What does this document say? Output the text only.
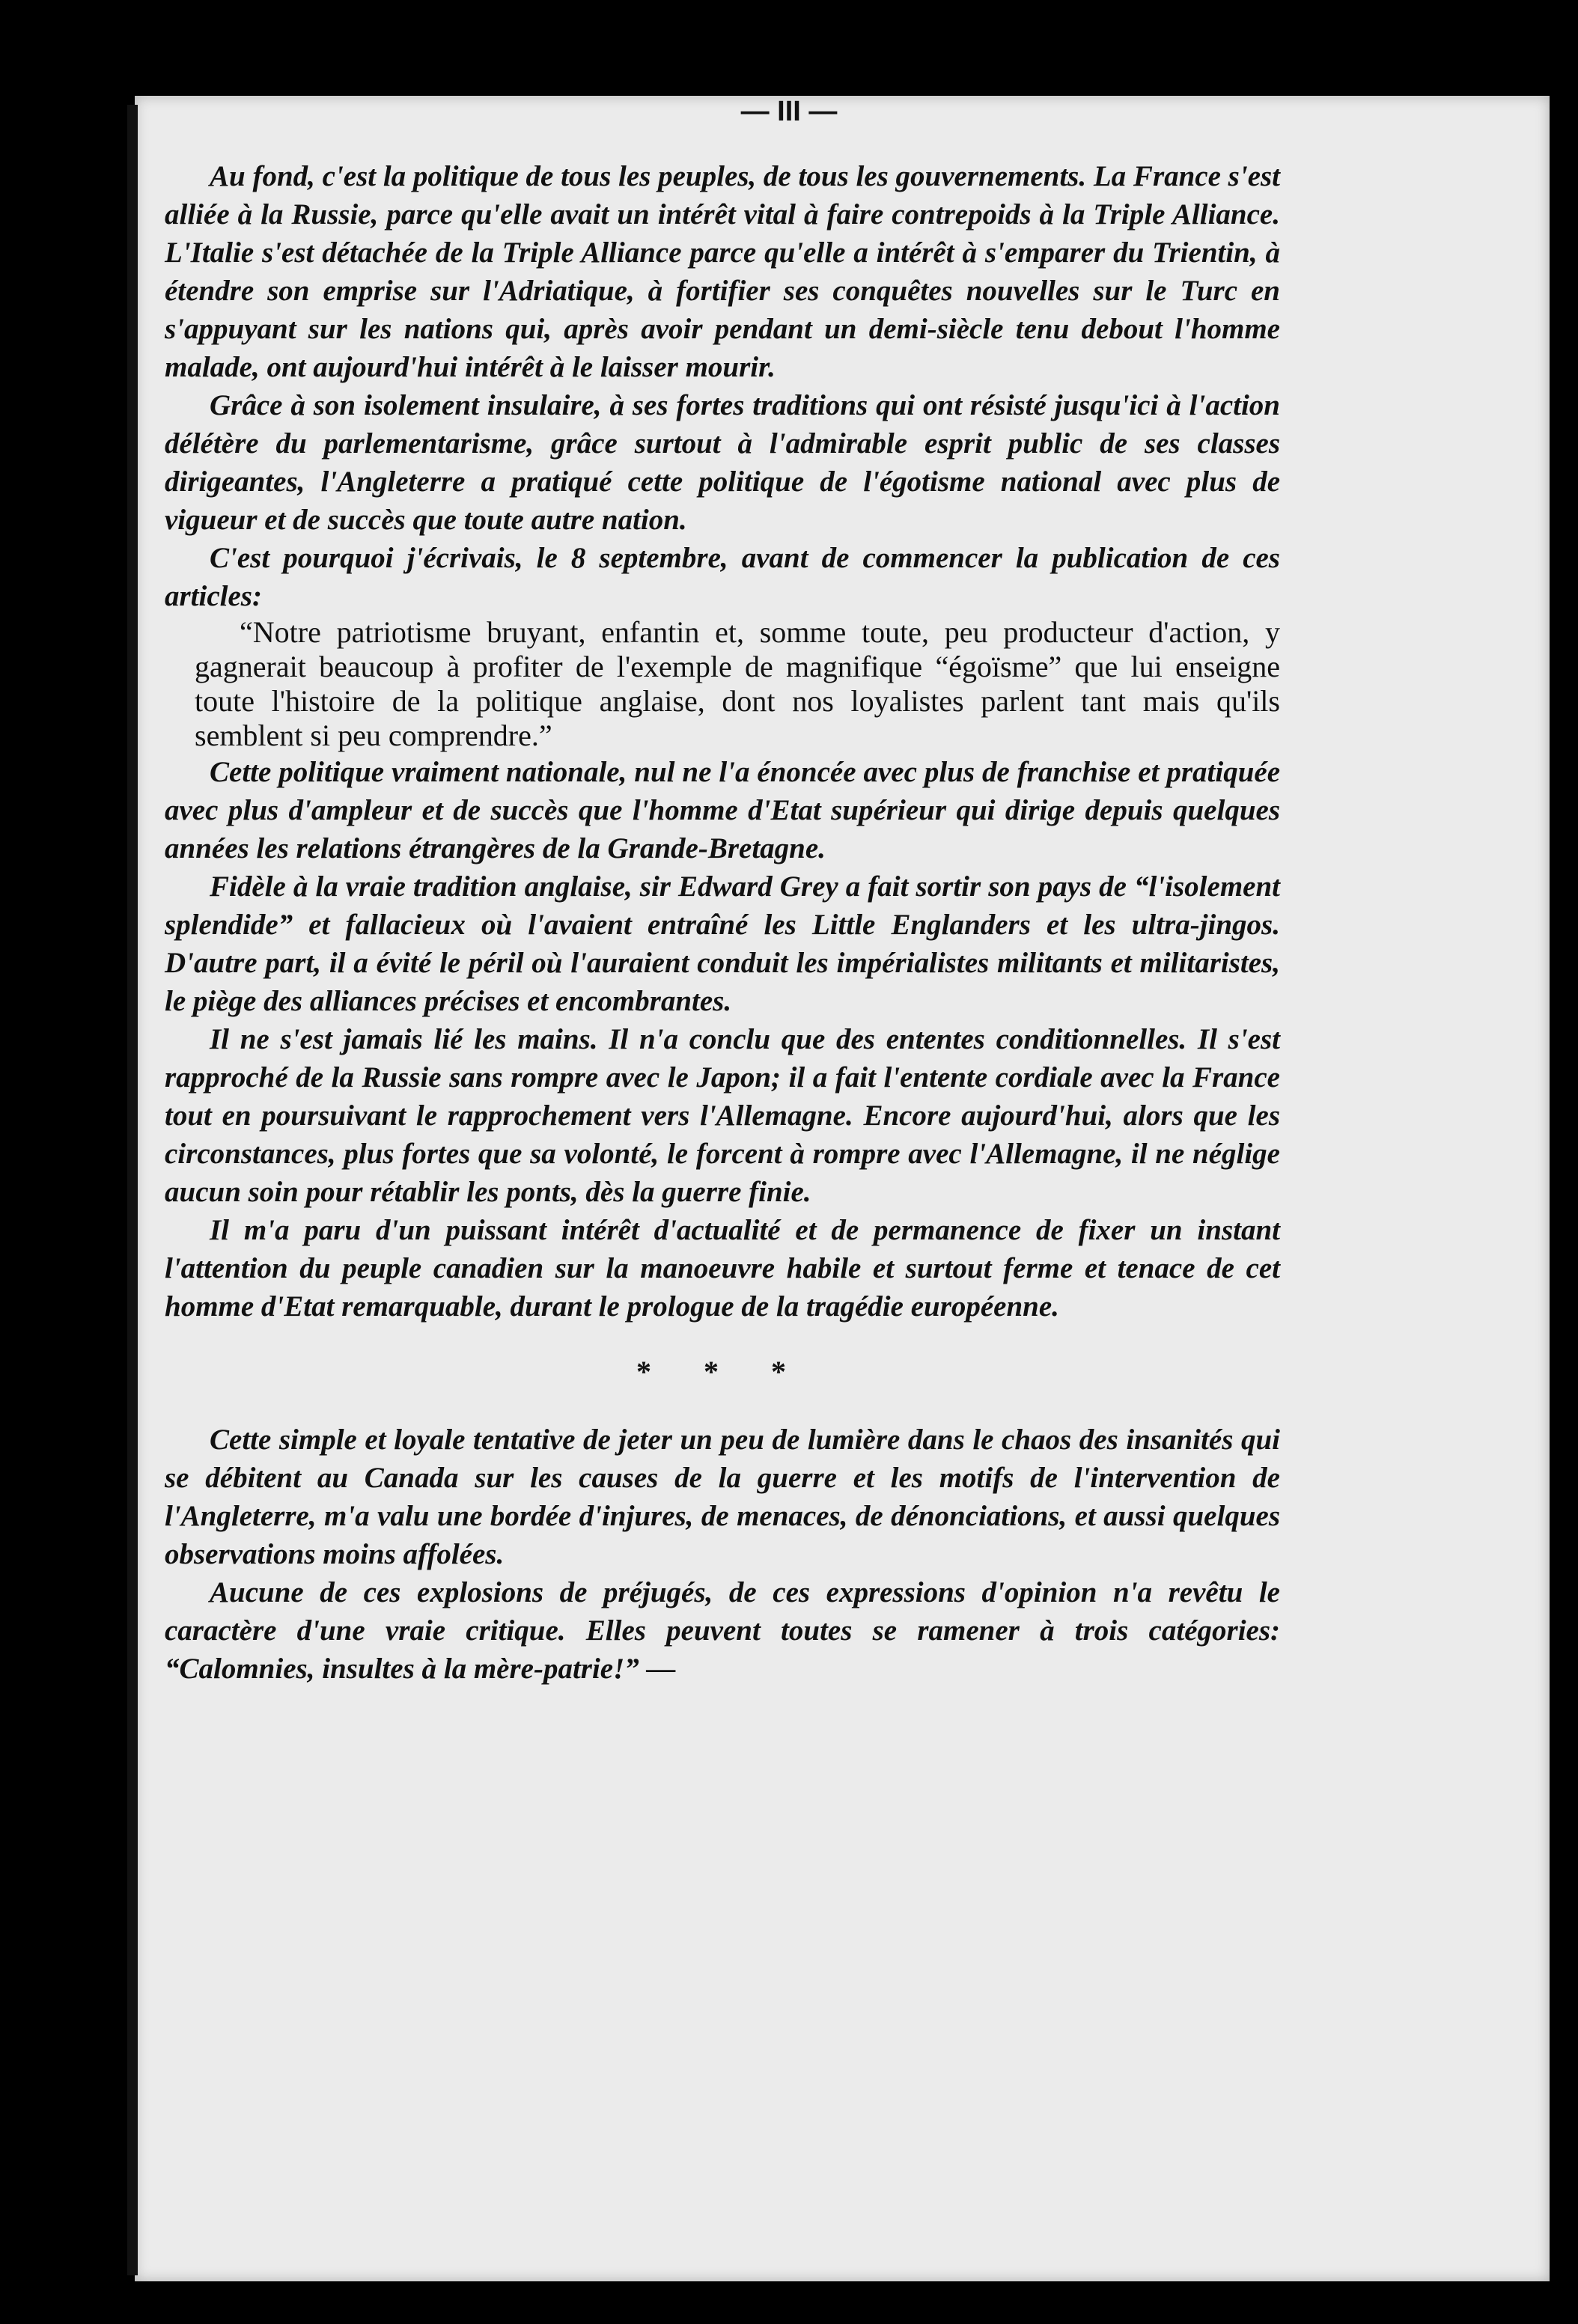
— III —

Au fond, c'est la politique de tous les peuples, de tous les gouvernements. La France s'est alliée à la Russie, parce qu'elle avait un intérêt vital à faire contrepoids à la Triple Alliance. L'Italie s'est détachée de la Triple Alliance parce qu'elle a intérêt à s'emparer du Trientin, à étendre son emprise sur l'Adriatique, à fortifier ses conquêtes nouvelles sur le Turc en s'appuyant sur les nations qui, après avoir pendant un demi-siècle tenu debout l'homme malade, ont aujourd'hui intérêt à le laisser mourir.

Grâce à son isolement insulaire, à ses fortes traditions qui ont résisté jusqu'ici à l'action délétère du parlementarisme, grâce surtout à l'admirable esprit public de ses classes dirigeantes, l'Angleterre a pratiqué cette politique de l'égotisme national avec plus de vigueur et de succès que toute autre nation.

C'est pourquoi j'écrivais, le 8 septembre, avant de commencer la publication de ces articles:

“Notre patriotisme bruyant, enfantin et, somme toute, peu producteur d'action, y gagnerait beaucoup à profiter de l'exemple de magnifique “égoïsme” que lui enseigne toute l'histoire de la politique anglaise, dont nos loyalistes parlent tant mais qu'ils semblent si peu comprendre.”

Cette politique vraiment nationale, nul ne l'a énoncée avec plus de franchise et pratiquée avec plus d'ampleur et de succès que l'homme d'Etat supérieur qui dirige depuis quelques années les relations étrangères de la Grande-Bretagne.

Fidèle à la vraie tradition anglaise, sir Edward Grey a fait sortir son pays de “l'isolement splendide” et fallacieux où l'avaient entraîné les Little Englanders et les ultra-jingos. D'autre part, il a évité le péril où l'auraient conduit les impérialistes militants et militaristes, le piège des alliances précises et encombrantes.

Il ne s'est jamais lié les mains. Il n'a conclu que des ententes conditionnelles. Il s'est rapproché de la Russie sans rompre avec le Japon; il a fait l'entente cordiale avec la France tout en poursuivant le rapprochement vers l'Allemagne. Encore aujourd'hui, alors que les circonstances, plus fortes que sa volonté, le forcent à rompre avec l'Allemagne, il ne néglige aucun soin pour rétablir les ponts, dès la guerre finie.

Il m'a paru d'un puissant intérêt d'actualité et de permanence de fixer un instant l'attention du peuple canadien sur la manoeuvre habile et surtout ferme et tenace de cet homme d'Etat remarquable, durant le prologue de la tragédie européenne.

* * *

Cette simple et loyale tentative de jeter un peu de lumière dans le chaos des insanités qui se débitent au Canada sur les causes de la guerre et les motifs de l'intervention de l'Angleterre, m'a valu une bordée d'injures, de menaces, de dénonciations, et aussi quelques observations moins affolées.

Aucune de ces explosions de préjugés, de ces expressions d'opinion n'a revêtu le caractère d'une vraie critique. Elles peuvent toutes se ramener à trois catégories: “Calomnies, insultes à la mère-patrie!” —
